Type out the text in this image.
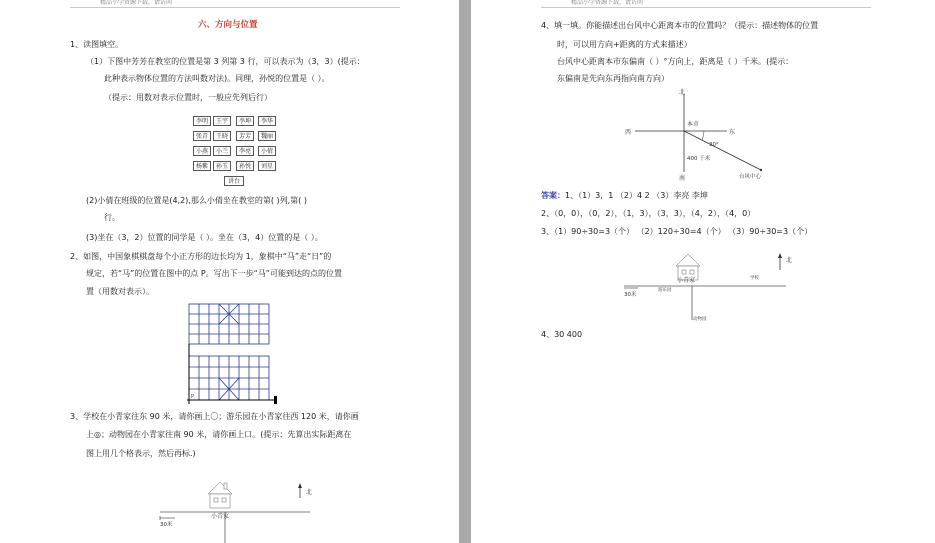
精品小学资源下载，请访问
六、方向与位置
1、读图填空。
（1）下图中芳芳在教室的位置是第 3 列第 3 行，可以表示为（3，3）(提示：
此种表示物体位置的方法叫数对法)。同理，孙悦的位置是（ ）。
（提示：用数对表示位置时，一般应先列后行）
李明	王宇	李坤	李华
张青	王晓	芳芳	魏丽
小燕	小兰	李亮	小倩
杨紫	孙玉	孙悦	刘星
讲台
(2)小倩在班级的位置是(4,2),那么小倩坐在教室的第( )列,第( )
行。
(3)坐在（3，2）位置的同学是（ ）。坐在（3，4）位置的是（ ）。
2、如图，中国象棋棋盘每个小正方形的边长均为 1，象棋中“马”走“日”的
规定，若“马”的位置在图中的点 P。写出下一步“马”可能到达的点的位置
置（用数对表示）。
P
3、学校在小青家往东 90 米，请你画上〇；游乐园在小青家往西 120 米，请你画
上◎；动物园在小青家往南 90 米，请你画上口。(提示：先算出实际距离在
图上用几个格表示，然后再标.)
小青家
北
30米
精品小学资源下载，请访问
4、填一填。你能描述出台风中心距离本市的位置吗？（提示：描述物体的位置
时，可以用方向+距离的方式来描述）
台风中心距离本市东偏南（ ）°方向上，距离是（ ）千米。(提示：
东偏南是先向东再指向南方向）
北
南
东
西
本市
30°
400 千米
台风中心
答案：1、（1）3，1 （2）4 2 （3）李亮 李坤
2、（0，0），（0，2），（1，3），（3，3），（4，2），（4，0）
3、（1）90÷30=3（个） （2）120÷30=4（个） （3）90÷30=3（个）
小青家
游乐园
学校
动物园
北
30米
4、30 400
